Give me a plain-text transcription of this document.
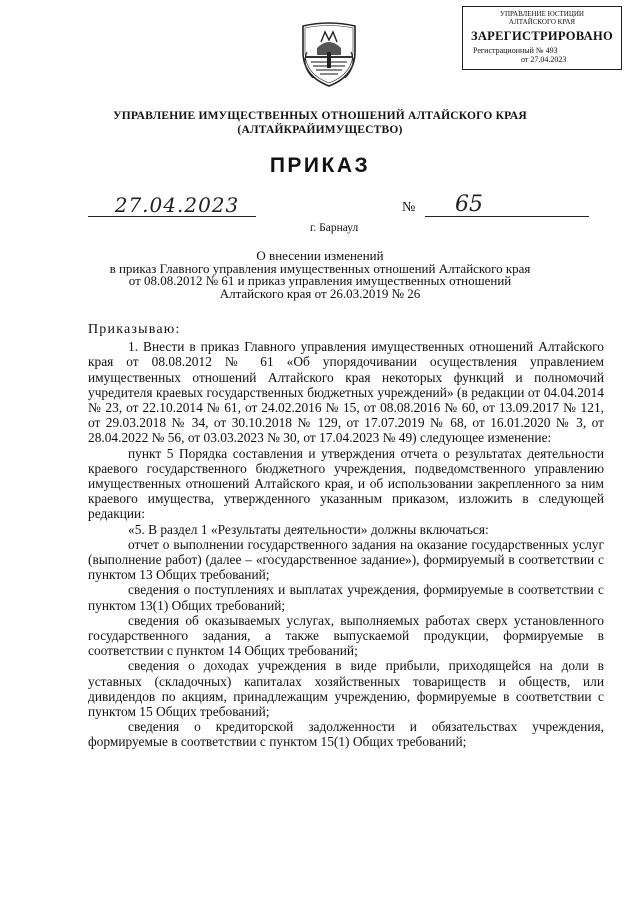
УПРАВЛЕНИЕ ЮСТИЦИИ
АЛТАЙСКОГО КРАЯ
ЗАРЕГИСТРИРОВАНО
Регистрационный № 493
от 27.04.2023
УПРАВЛЕНИЕ ИМУЩЕСТВЕННЫХ ОТНОШЕНИЙ АЛТАЙСКОГО КРАЯ
(АЛТАЙКРАЙИМУЩЕСТВО)
ПРИКАЗ
27.04.2023	№	65
г. Барнаул
О внесении изменений
в приказ Главного управления имущественных отношений Алтайского края
от 08.08.2012 № 61 и приказ управления имущественных отношений
Алтайского края от 26.03.2019 № 26

Приказываю:

1. Внести в приказ Главного управления имущественных отношений Алтайского края от 08.08.2012 № 61 «Об упорядочивании осуществления управлением имущественных отношений Алтайского края некоторых функций и полномочий учредителя краевых государственных бюджетных учреждений» (в редакции от 04.04.2014 № 23, от 22.10.2014 № 61, от 24.02.2016 № 15, от 08.08.2016 № 60, от 13.09.2017 № 121, от 29.03.2018 № 34, от 30.10.2018 № 129, от 17.07.2019 № 68, от 16.01.2020 № 3, от 28.04.2022 № 56, от 03.03.2023 № 30, от 17.04.2023 № 49) следующее изменение:

пункт 5 Порядка составления и утверждения отчета о результатах деятельности краевого государственного бюджетного учреждения, подведомственного управлению имущественных отношений Алтайского края, и об использовании закрепленного за ним краевого имущества, утвержденного указанным приказом, изложить в следующей редакции:

«5. В раздел 1 «Результаты деятельности» должны включаться:

отчет о выполнении государственного задания на оказание государственных услуг (выполнение работ) (далее – «государственное задание»), формируемый в соответствии с пунктом 13 Общих требований;

сведения о поступлениях и выплатах учреждения, формируемые в соответствии с пунктом 13(1) Общих требований;

сведения об оказываемых услугах, выполняемых работах сверх установленного государственного задания, а также выпускаемой продукции, формируемые в соответствии с пунктом 14 Общих требований;

сведения о доходах учреждения в виде прибыли, приходящейся на доли в уставных (складочных) капиталах хозяйственных товариществ и обществ, или дивидендов по акциям, принадлежащим учреждению, формируемые в соответствии с пунктом 15 Общих требований;

сведения о кредиторской задолженности и обязательствах учреждения, формируемые в соответствии с пунктом 15(1) Общих требований;
